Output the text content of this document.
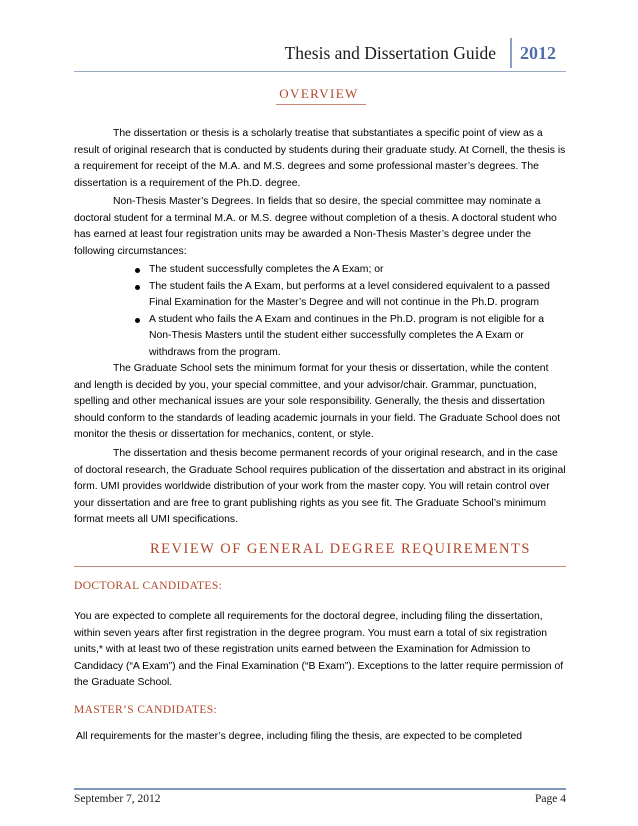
Thesis and Dissertation Guide	2012
OVERVIEW

The dissertation or thesis is a scholarly treatise that substantiates a specific point of view as a result of original research that is conducted by students during their graduate study. At Cornell, the thesis is a requirement for receipt of the M.A. and M.S. degrees and some professional master’s degrees. The dissertation is a requirement of the Ph.D. degree.

Non-Thesis Master’s Degrees. In fields that so desire, the special committee may nominate a doctoral student for a terminal M.A. or M.S. degree without completion of a thesis. A doctoral student who has earned at least four registration units may be awarded a Non-Thesis Master’s degree under the following circumstances:

The student successfully completes the A Exam; or
The student fails the A Exam, but performs at a level considered equivalent to a passed Final Examination for the Master’s Degree and will not continue in the Ph.D. program
A student who fails the A Exam and continues in the Ph.D. program is not eligible for a Non-Thesis Masters until the student either successfully completes the A Exam or withdraws from the program.

The Graduate School sets the minimum format for your thesis or dissertation, while the content and length is decided by you, your special committee, and your advisor/chair. Grammar, punctuation, spelling and other mechanical issues are your sole responsibility. Generally, the thesis and dissertation should conform to the standards of leading academic journals in your field. The Graduate School does not monitor the thesis or dissertation for mechanics, content, or style.

The dissertation and thesis become permanent records of your original research, and in the case of doctoral research, the Graduate School requires publication of the dissertation and abstract in its original form. UMI provides worldwide distribution of your work from the master copy. You will retain control over your dissertation and are free to grant publishing rights as you see fit. The Graduate School’s minimum format meets all UMI specifications.

REVIEW OF GENERAL DEGREE REQUIREMENTS
DOCTORAL CANDIDATES:

You are expected to complete all requirements for the doctoral degree, including filing the dissertation, within seven years after first registration in the degree program. You must earn a total of six registration units,* with at least two of these registration units earned between the Examination for Admission to Candidacy (“A Exam”) and the Final Examination (“B Exam”). Exceptions to the latter require permission of the Graduate School.

MASTER’S CANDIDATES:

All requirements for the master’s degree, including filing the thesis, are expected to be completed

September 7, 2012	Page 4
